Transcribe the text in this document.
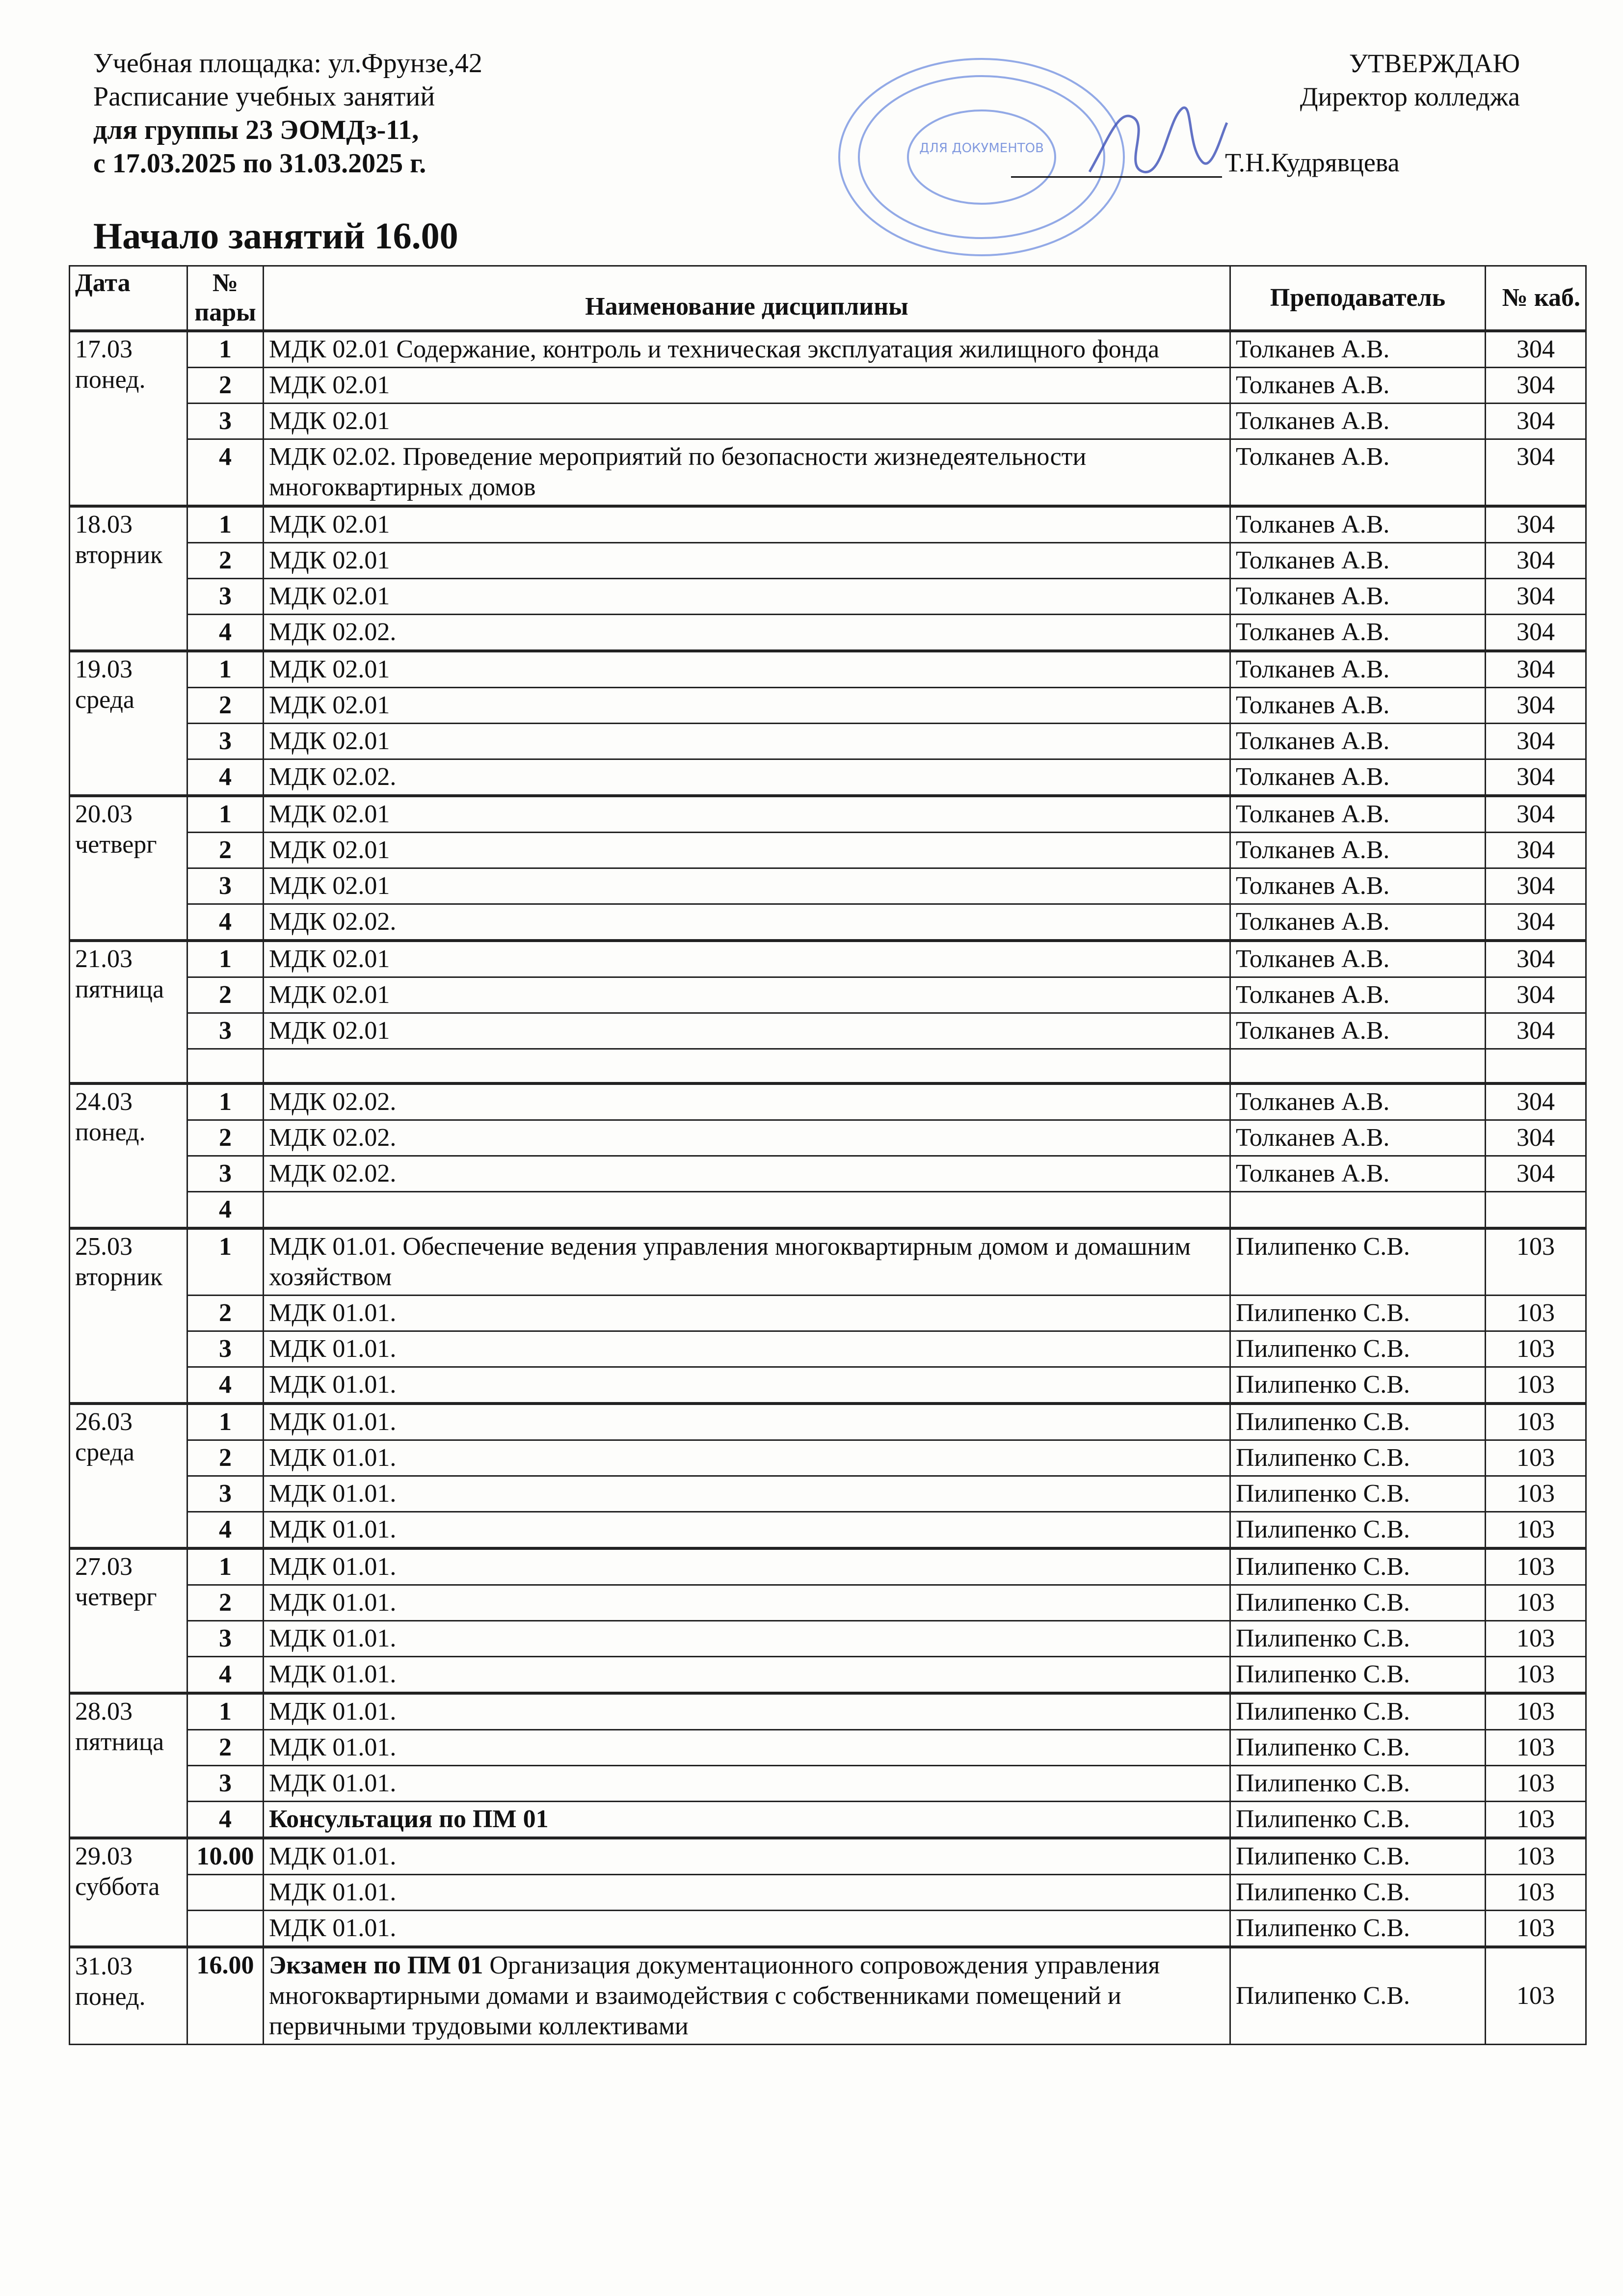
Учебная площадка: ул.Фрунзе,42
Расписание учебных занятий
для группы 23 ЭОМДз-11,
с 17.03.2025 по 31.03.2025 г.
Начало занятий 16.00
ДЛЯ ДОКУМЕНТОВ
УТВЕРЖДАЮ
Директор колледжа
Т.Н.Кудрявцева
Дата	№ пары	Наименование дисциплины	Преподаватель	№ каб.

17.03
понед.	1	МДК 02.01 Содержание, контроль и техническая эксплуатация жилищного фонда	Толканев А.В.	304
	2	МДК 02.01	Толканев А.В.	304
	3	МДК 02.01	Толканев А.В.	304
	4	МДК 02.02. Проведение мероприятий по безопасности жизнедеятельности многоквартирных домов	Толканев А.В.	304

18.03 вторник	1	МДК 02.01	Толканев А.В.	304
	2	МДК 02.01	Толканев А.В.	304
	3	МДК 02.01	Толканев А.В.	304
	4	МДК 02.02.	Толканев А.В.	304

19.03 среда	1	МДК 02.01	Толканев А.В.	304
	2	МДК 02.01	Толканев А.В.	304
	3	МДК 02.01	Толканев А.В.	304
	4	МДК 02.02.	Толканев А.В.	304

20.03 четверг	1	МДК 02.01	Толканев А.В.	304
	2	МДК 02.01	Толканев А.В.	304
	3	МДК 02.01	Толканев А.В.	304
	4	МДК 02.02.	Толканев А.В.	304

21.03 пятница	1	МДК 02.01	Толканев А.В.	304
	2	МДК 02.01	Толканев А.В.	304
	3	МДК 02.01	Толканев А.В.	304

24.03 понед.	1	МДК 02.02.	Толканев А.В.	304
	2	МДК 02.02.	Толканев А.В.	304
	3	МДК 02.02.	Толканев А.В.	304
	4			

25.03
вторник	1	МДК 01.01. Обеспечение ведения управления многоквартирным домом и домашним хозяйством	Пилипенко С.В.	103
	2	МДК 01.01.	Пилипенко С.В.	103
	3	МДК 01.01.	Пилипенко С.В.	103
	4	МДК 01.01.	Пилипенко С.В.	103

26.03 среда	1	МДК 01.01.	Пилипенко С.В.	103
	2	МДК 01.01.	Пилипенко С.В.	103
	3	МДК 01.01.	Пилипенко С.В.	103
	4	МДК 01.01.	Пилипенко С.В.	103

27.03
четверг	1	МДК 01.01.	Пилипенко С.В.	103
	2	МДК 01.01.	Пилипенко С.В.	103
	3	МДК 01.01.	Пилипенко С.В.	103
	4	МДК 01.01.	Пилипенко С.В.	103

28.03
пятница	1	МДК 01.01.	Пилипенко С.В.	103
	2	МДК 01.01.	Пилипенко С.В.	103
	3	МДК 01.01.	Пилипенко С.В.	103
	4	Консультация по ПМ 01	Пилипенко С.В.	103

29.03 суббота	10.00	МДК 01.01.	Пилипенко С.В.	103
		МДК 01.01.	Пилипенко С.В.	103
		МДК 01.01.	Пилипенко С.В.	103

31.03 понед.	16.00	Экзамен по ПМ 01 Организация документационного сопровождения управления многоквартирными домами и взаимодействия с собственниками помещений и первичными трудовыми коллективами	Пилипенко С.В.	103
